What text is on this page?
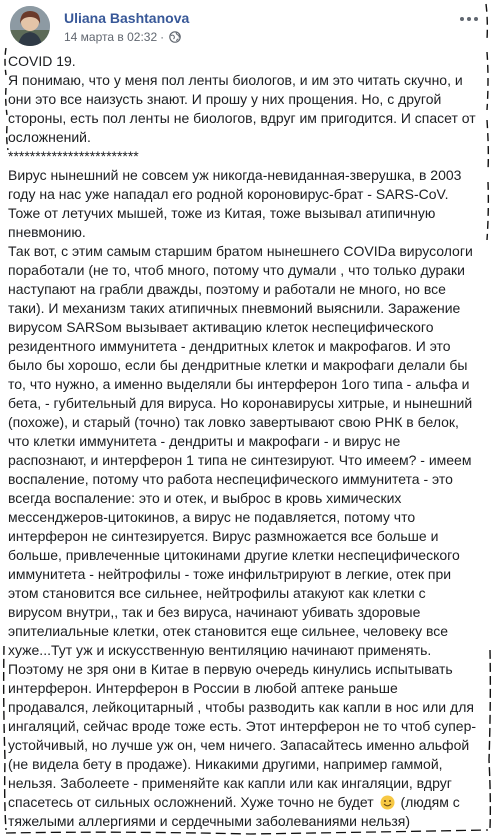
Uliana Bashtanova
14 марта в 02:32 ·

COVID 19.

Я понимаю, что у меня пол ленты биологов, и им это читать скучно, и они это все наизусть знают. И прошу у них прощения. Но, с другой стороны, есть пол ленты не биологов, вдруг им пригодится. И спасет от осложнений.

************************

Вирус нынешний не совсем уж никогда-невиданная-зверушка, в 2003 году на нас уже нападал его родной короновирус-брат - SARS-CoV. Тоже от летучих мышей, тоже из Китая, тоже вызывал атипичную пневмонию.

Так вот, с этим самым старшим братом нынешнего COVIDa вирусологи поработали (не то, чтоб много, потому что думали , что только дураки наступают на грабли дважды, поэтому и работали не много, но все таки). И механизм таких атипичных пневмоний выяснили. Заражение вирусом SARSом вызывает активацию клеток неспецифического резидентного иммунитета - дендритных клеток и макрофагов. И это было бы хорошо, если бы дендритные клетки и макрофаги делали бы то, что нужно, а именно выделяли бы интерферон 1ого типа - альфа и бета, - губительный для вируса. Но коронавирусы хитрые, и нынешний (похоже), и старый (точно) так ловко завертывают свою РНК в белок, что клетки иммунитета - дендриты и макрофаги - и вирус не распознают, и интерферон 1 типа не синтезируют. Что имеем? - имеем воспаление, потому что работа неспецифического иммунитета - это всегда воспаление: это и отек, и выброс в кровь химических мессенджеров-цитокинов, а вирус не подавляется, потому что интерферон не синтезируется. Вирус размножается все больше и больше, привлеченные цитокинами другие клетки неспецифического иммунитета - нейтрофилы - тоже инфильтрируют в легкие, отек при этом становится все сильнее, нейтрофилы атакуют как клетки с вирусом внутри,, так и без вируса, начинают убивать здоровые эпителиальные клетки, отек становится еще сильнее, человеку все хуже...Тут уж и искусственную вентиляцию начинают применять.

Поэтому не зря они в Китае в первую очередь кинулись испытывать интерферон. Интерферон в России в любой аптеке раньше продавался, лейкоцитарный , чтобы разводить как капли в нос или для ингаляций, сейчас вроде тоже есть. Этот интерферон не то чтоб супер-устойчивый, но лучше уж он, чем ничего. Запасайтесь именно альфой (не видела бету в продаже). Никакими другими, например гаммой, нельзя. Заболеете - применяйте как капли или как ингаляции, вдруг спасетесь от сильных осложнений. Хуже точно не будет (людям с тяжелыми аллергиями и сердечными заболеваниями нельзя)
